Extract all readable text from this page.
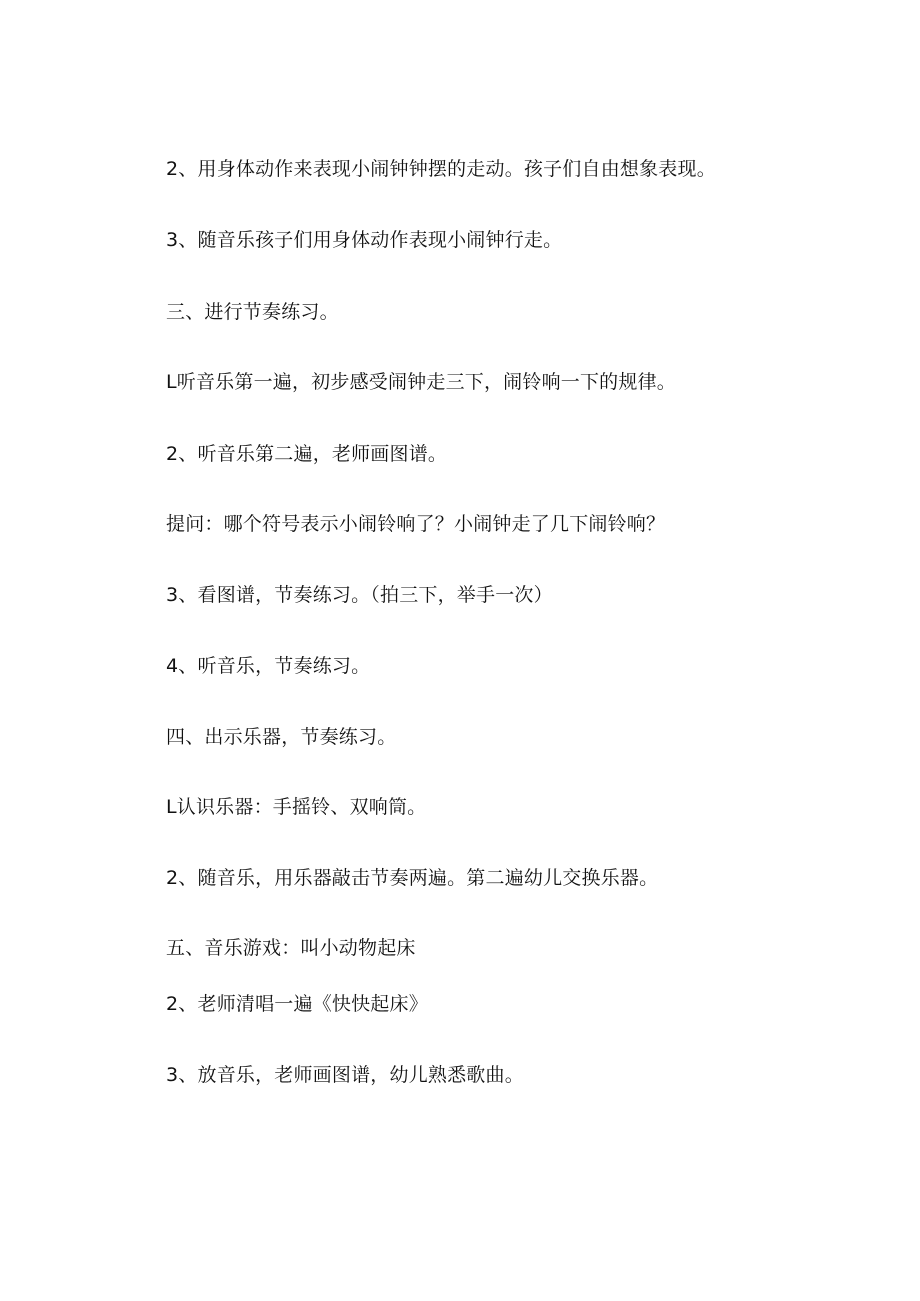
2、用身体动作来表现小闹钟钟摆的走动。孩子们自由想象表现。

3、随音乐孩子们用身体动作表现小闹钟行走。

三、进行节奏练习。

L听音乐第一遍，初步感受闹钟走三下，闹铃响一下的规律。

2、听音乐第二遍，老师画图谱。

提问：哪个符号表示小闹铃响了？小闹钟走了几下闹铃响？

3、看图谱，节奏练习。（拍三下，举手一次）

4、听音乐，节奏练习。

四、出示乐器，节奏练习。

L认识乐器：手摇铃、双响筒。

2、随音乐，用乐器敲击节奏两遍。第二遍幼儿交换乐器。

五、音乐游戏：叫小动物起床

2、老师清唱一遍《快快起床》

3、放音乐，老师画图谱，幼儿熟悉歌曲。
